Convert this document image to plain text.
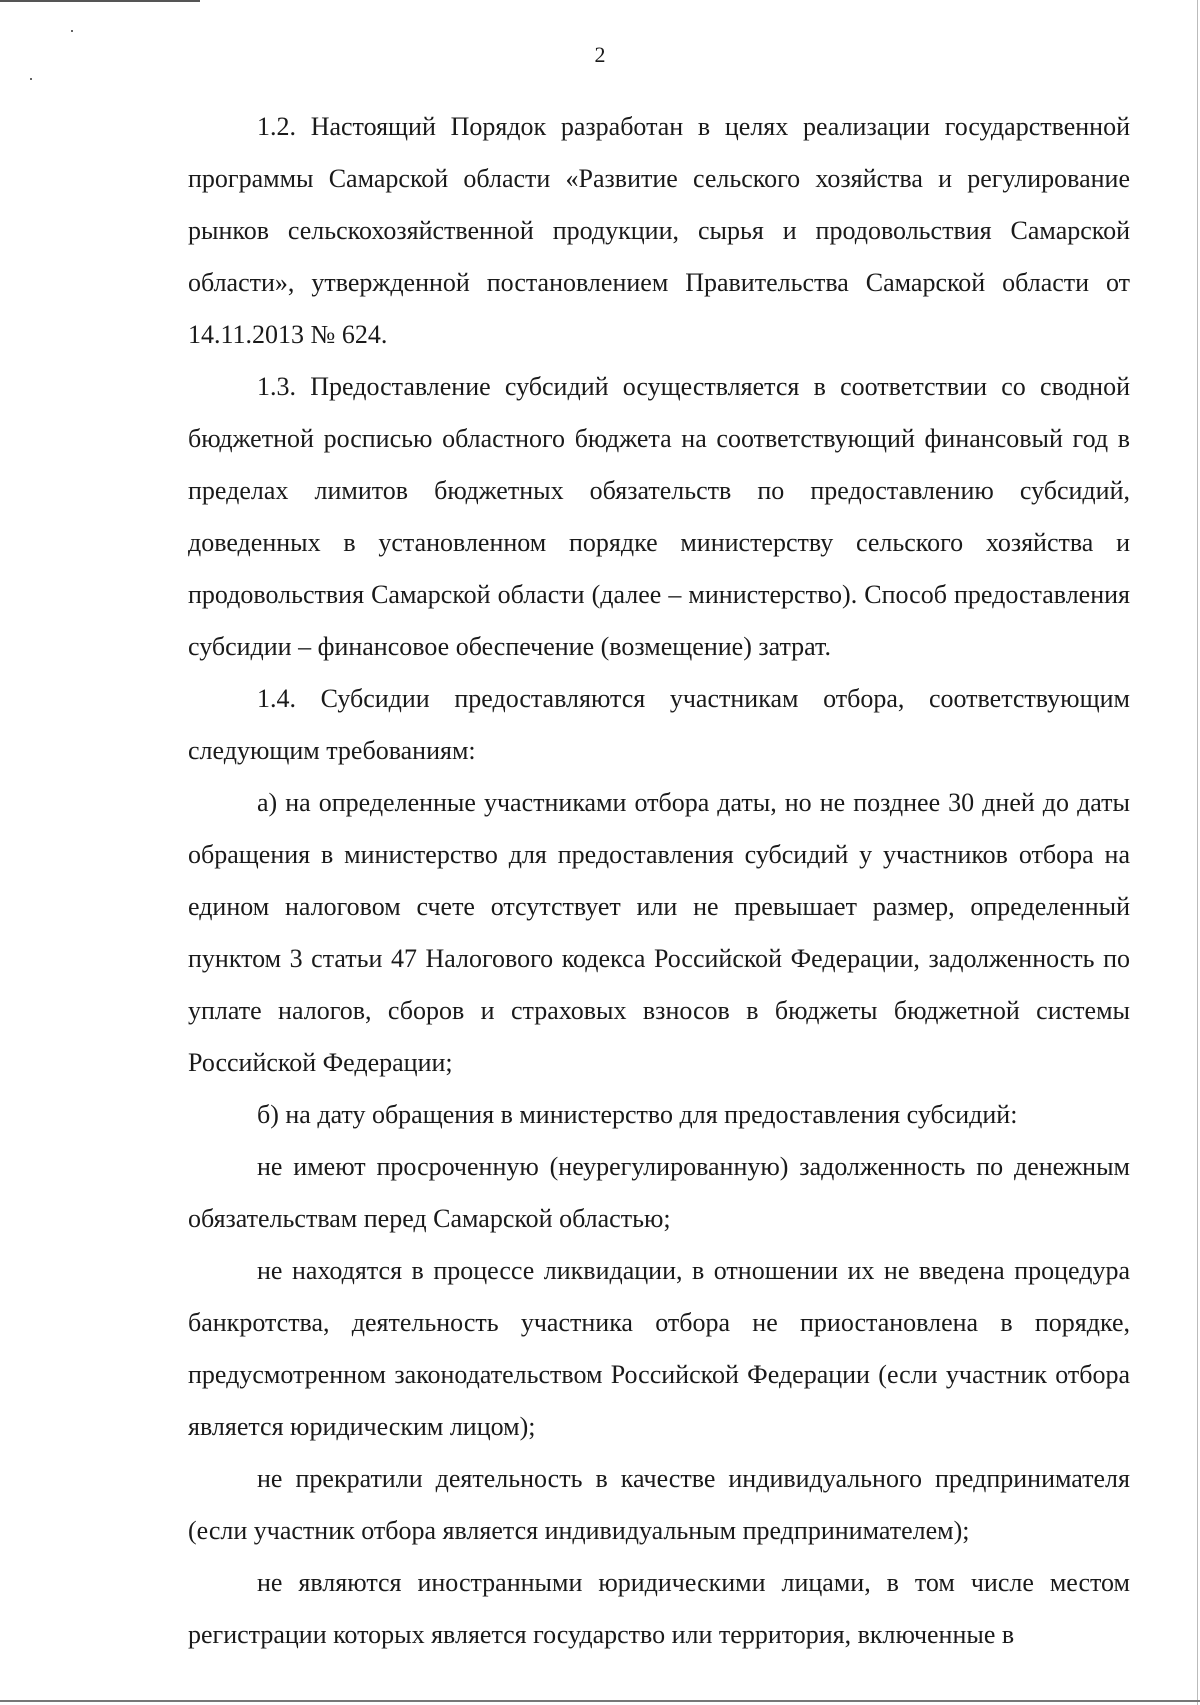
2

1.2. Настоящий Порядок разработан в целях реализации государственной программы Самарской области «Развитие сельского хозяйства и регулирование рынков сельскохозяйственной продукции, сырья и продовольствия Самарской области», утвержденной постановлением Правительства Самарской области от 14.11.2013 № 624.

1.3. Предоставление субсидий осуществляется в соответствии со сводной бюджетной росписью областного бюджета на соответствующий финансовый год в пределах лимитов бюджетных обязательств по предоставлению субсидий, доведенных в установленном порядке министерству сельского хозяйства и продовольствия Самарской области (далее – министерство). Способ предоставления субсидии – финансовое обеспечение (возмещение) затрат.

1.4. Субсидии предоставляются участникам отбора, соответствующим следующим требованиям:

а) на определенные участниками отбора даты, но не позднее 30 дней до даты обращения в министерство для предоставления субсидий у участников отбора на едином налоговом счете отсутствует или не превышает размер, определенный пунктом 3 статьи 47 Налогового кодекса Российской Федерации, задолженность по уплате налогов, сборов и страховых взносов в бюджеты бюджетной системы Российской Федерации;

б) на дату обращения в министерство для предоставления субсидий:

не имеют просроченную (неурегулированную) задолженность по денежным обязательствам перед Самарской областью;

не находятся в процессе ликвидации, в отношении их не введена процедура банкротства, деятельность участника отбора не приостановлена в порядке, предусмотренном законодательством Российской Федерации (если участник отбора является юридическим лицом);

не прекратили деятельность в качестве индивидуального предпринимателя (если участник отбора является индивидуальным предпринимателем);

не являются иностранными юридическими лицами, в том числе местом регистрации которых является государство или территория, включенные в
